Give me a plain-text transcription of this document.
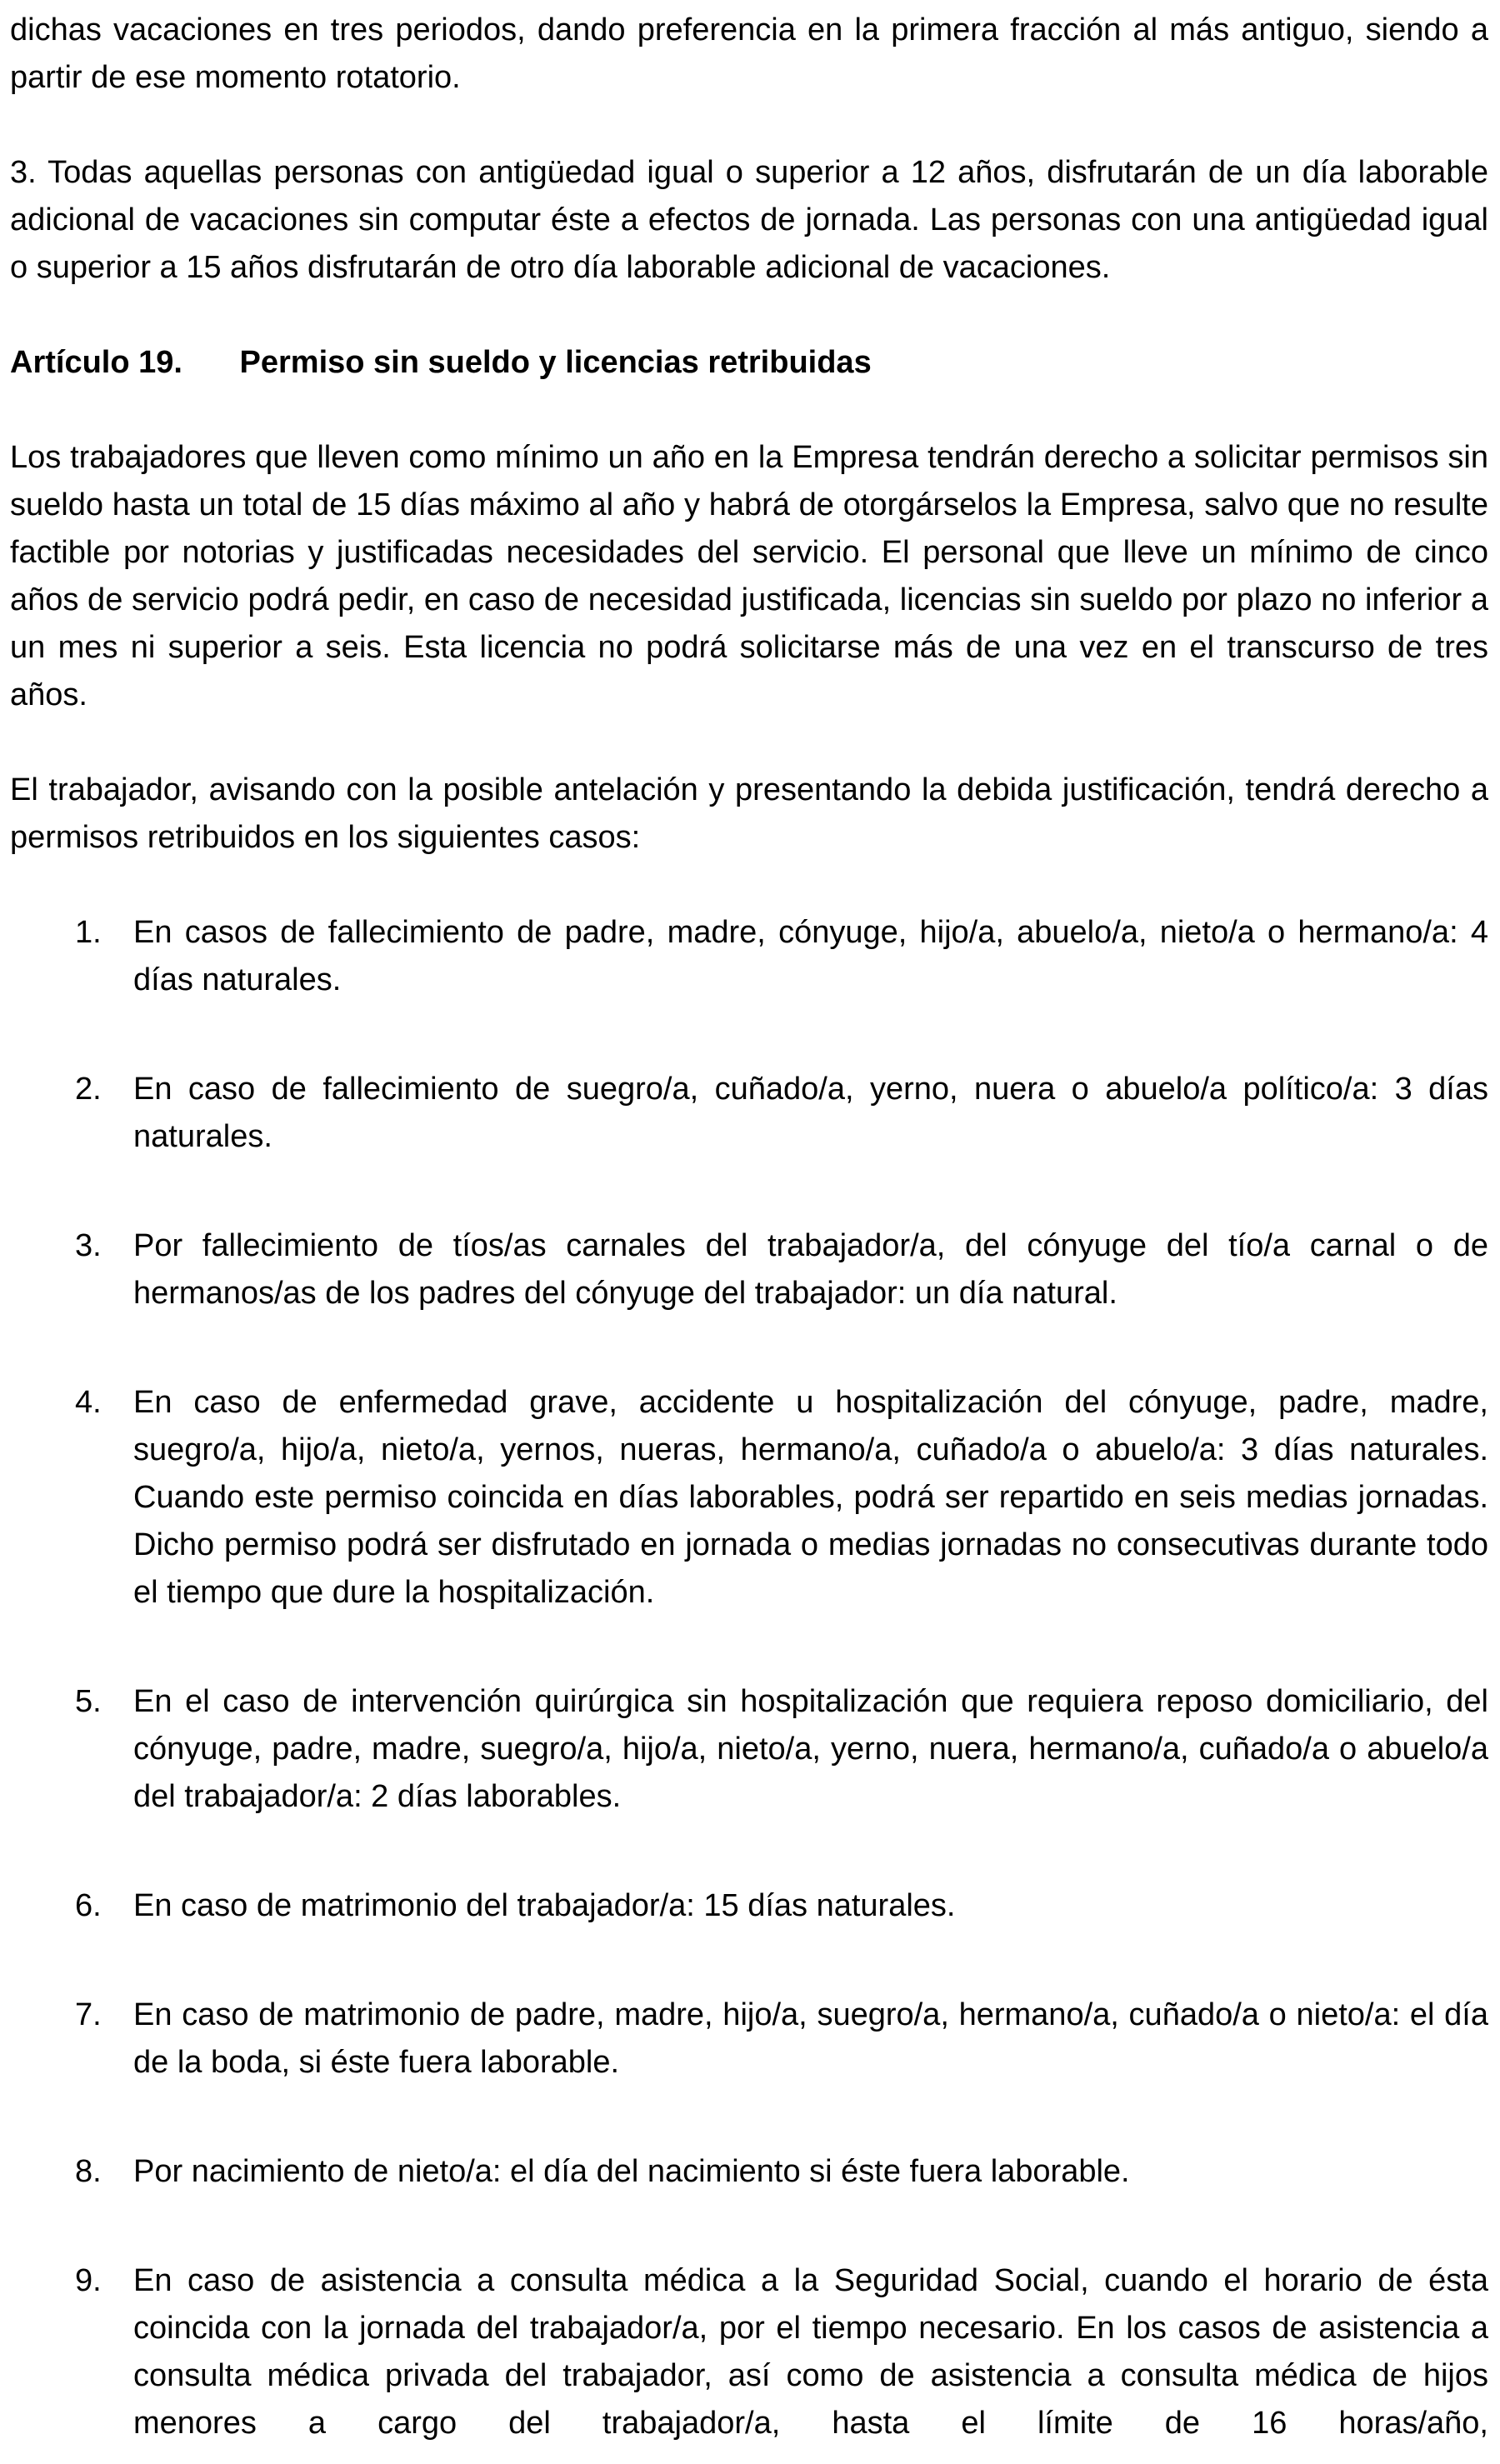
dichas vacaciones en tres periodos, dando preferencia en la primera fracción al más antiguo, siendo a partir de ese momento rotatorio.

3. Todas aquellas personas con antigüedad igual o superior a 12 años, disfrutarán de un día laborable adicional de vacaciones sin computar éste a efectos de jornada. Las personas con una antigüedad igual o superior a 15 años disfrutarán de otro día laborable adicional de vacaciones.

Artículo 19. Permiso sin sueldo y licencias retribuidas

Los trabajadores que lleven como mínimo un año en la Empresa tendrán derecho a solicitar permisos sin sueldo hasta un total de 15 días máximo al año y habrá de otorgárselos la Empresa, salvo que no resulte factible por notorias y justificadas necesidades del servicio. El personal que lleve un mínimo de cinco años de servicio podrá pedir, en caso de necesidad justificada, licencias sin sueldo por plazo no inferior a un mes ni superior a seis. Esta licencia no podrá solicitarse más de una vez en el transcurso de tres años.

El trabajador, avisando con la posible antelación y presentando la debida justificación, tendrá derecho a permisos retribuidos en los siguientes casos:

1.	En casos de fallecimiento de padre, madre, cónyuge, hijo/a, abuelo/a, nieto/a o hermano/a: 4 días naturales.
2.	En caso de fallecimiento de suegro/a, cuñado/a, yerno, nuera o abuelo/a político/a: 3 días naturales.
3.	Por fallecimiento de tíos/as carnales del trabajador/a, del cónyuge del tío/a carnal o de hermanos/as de los padres del cónyuge del trabajador: un día natural.
4.	En caso de enfermedad grave, accidente u hospitalización del cónyuge, padre, madre, suegro/a, hijo/a, nieto/a, yernos, nueras, hermano/a, cuñado/a o abuelo/a: 3 días naturales. Cuando este permiso coincida en días laborables, podrá ser repartido en seis medias jornadas. Dicho permiso podrá ser disfrutado en jornada o medias jornadas no consecutivas durante todo el tiempo que dure la hospitalización.
5.	En el caso de intervención quirúrgica sin hospitalización que requiera reposo domiciliario, del cónyuge, padre, madre, suegro/a, hijo/a, nieto/a, yerno, nuera, hermano/a, cuñado/a o abuelo/a del trabajador/a: 2 días laborables.
6.	En caso de matrimonio del trabajador/a: 15 días naturales.
7.	En caso de matrimonio de padre, madre, hijo/a, suegro/a, hermano/a, cuñado/a o nieto/a: el día de la boda, si éste fuera laborable.
8.	Por nacimiento de nieto/a: el día del nacimiento si éste fuera laborable.
9.	En caso de asistencia a consulta médica a la Seguridad Social, cuando el horario de ésta coincida con la jornada del trabajador/a, por el tiempo necesario. En los casos de asistencia a consulta médica privada del trabajador, así como de asistencia a consulta médica de hijos menores a cargo del trabajador/a, hasta el límite de 16 horas/año,
